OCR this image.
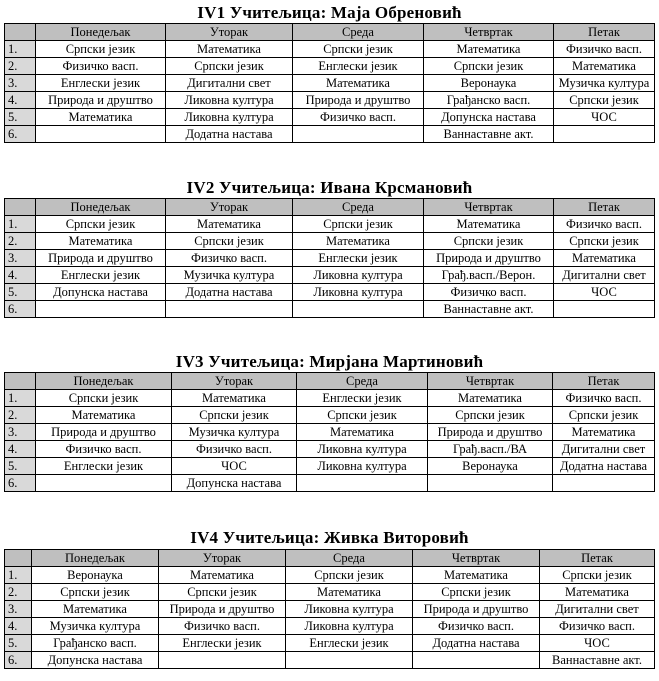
IV1 Учитељица: Маја Обреновић
	Понедељак	Уторак	Среда	Четвртак	Петак
1.	Српски језик	Математика	Српски језик	Математика	Физичко васп.
2.	Физичко васп.	Српски језик	Енглески језик	Српски језик	Математика
3.	Енглески језик	Дигитални свет	Математика	Веронаука	Музичка култура
4.	Природа и друштво	Ликовна култура	Природа и друштво	Грађанско васп.	Српски језик
5.	Математика	Ликовна култура	Физичко васп.	Допунска настава	ЧОС
6.		Додатна настава		Ваннаставне акт.	
IV2 Учитељица: Ивана Крсмановић
	Понедељак	Уторак	Среда	Четвртак	Петак
1.	Српски језик	Математика	Српски језик	Математика	Физичко васп.
2.	Математика	Српски језик	Математика	Српски језик	Српски језик
3.	Природа и друштво	Физичко васп.	Енглески језик	Природа и друштво	Математика
4.	Енглески језик	Музичка култура	Ликовна култура	Грађ.васп./Верон.	Дигитални свет
5.	Допунска настава	Додатна настава	Ликовна култура	Физичко васп.	ЧОС
6.				Ваннаставне акт.	
IV3 Учитељица: Мирјана Мартиновић
	Понедељак	Уторак	Среда	Четвртак	Петак
1.	Српски језик	Математика	Енглески језик	Математика	Физичко васп.
2.	Математика	Српски језик	Српски језик	Српски језик	Српски језик
3.	Природа и друштво	Музичка култура	Математика	Природа и друштво	Математика
4.	Физичко васп.	Физичко васп.	Ликовна култура	Грађ.васп./ВА	Дигитални свет
5.	Енглески језик	ЧОС	Ликовна култура	Веронаука	Додатна настава
6.		Допунска настава			
IV4 Учитељица: Живка Виторовић
	Понедељак	Уторак	Среда	Четвртак	Петак
1.	Веронаука	Математика	Српски језик	Математика	Српски језик
2.	Српски језик	Српски језик	Математика	Српски језик	Математика
3.	Математика	Природа и друштво	Ликовна култура	Природа и друштво	Дигитални свет
4.	Музичка култура	Физичко васп.	Ликовна култура	Физичко васп.	Физичко васп.
5.	Грађанско васп.	Енглески језик	Енглески језик	Додатна настава	ЧОС
6.	Допунска настава				Ваннаставне акт.
